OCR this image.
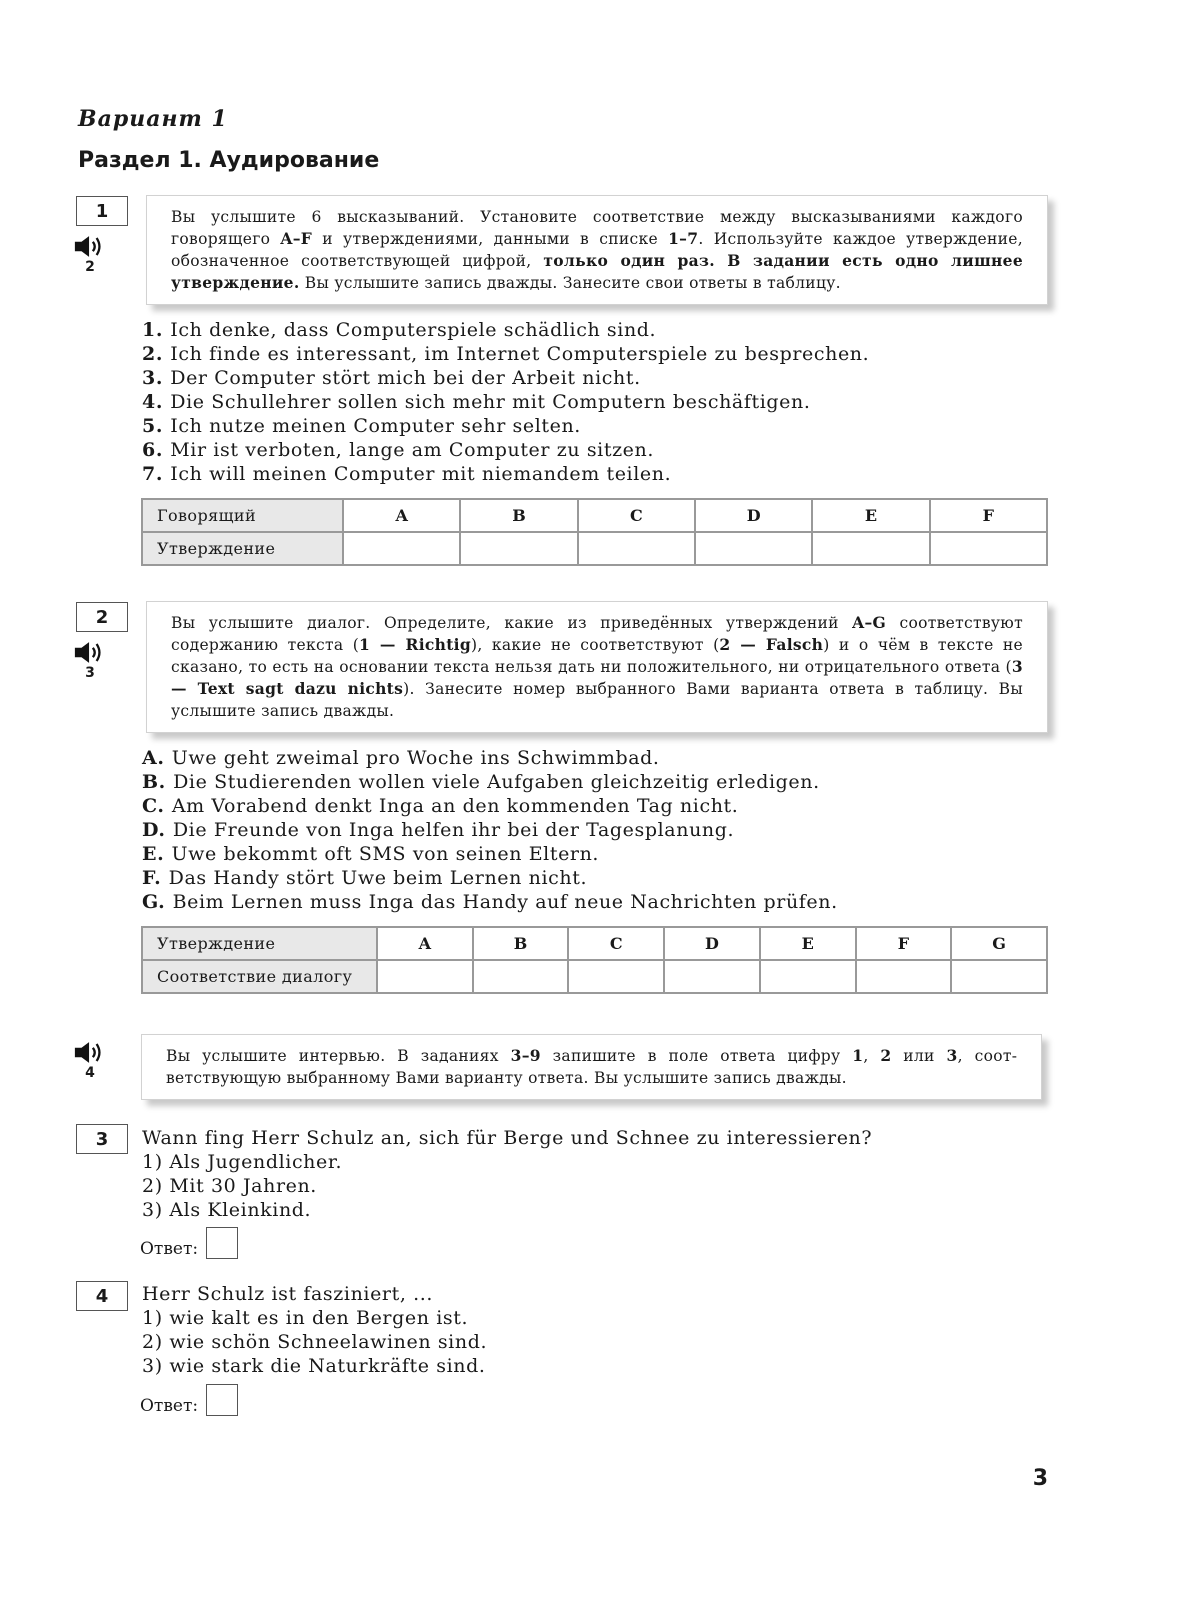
Вариант 1
Раздел 1. Аудирование
1
2
Вы услышите 6 высказываний. Установите соответствие между высказываниями каждого говорящего A–F и утверждениями, данными в списке 1–7. Используйте каждое утверждение, обозначенное соответствующей цифрой, только один раз. В задании есть одно лишнее утверждение. Вы услышите запись дважды. Занесите свои ответы в таблицу.
1. Ich denke, dass Computerspiele schädlich sind.
2. Ich finde es interessant, im Internet Computerspiele zu besprechen.
3. Der Computer stört mich bei der Arbeit nicht.
4. Die Schullehrer sollen sich mehr mit Computern beschäftigen.
5. Ich nutze meinen Computer sehr selten.
6. Mir ist verboten, lange am Computer zu sitzen.
7. Ich will meinen Computer mit niemandem teilen.
Говорящий	A	B	C	D	E	F
Утверждение						
2
3
Вы услышите диалог. Определите, какие из приведённых утверждений A–G соответствуют содержанию текста (1 — Richtig), какие не соответствуют (2 — Falsch) и о чём в тексте не сказано, то есть на основании текста нельзя дать ни положительного, ни отрицательного ответа (3 — Text sagt dazu nichts). Занесите номер выбранного Вами варианта ответа в таблицу. Вы услышите запись дважды.
A. Uwe geht zweimal pro Woche ins Schwimmbad.
B. Die Studierenden wollen viele Aufgaben gleichzeitig erledigen.
C. Am Vorabend denkt Inga an den kommenden Tag nicht.
D. Die Freunde von Inga helfen ihr bei der Tagesplanung.
E. Uwe bekommt oft SMS von seinen Eltern.
F. Das Handy stört Uwe beim Lernen nicht.
G. Beim Lernen muss Inga das Handy auf neue Nachrichten prüfen.
Утверждение	A	B	C	D	E	F	G
Соответствие диалогу							
4
Вы услышите интервью. В заданиях 3–9 запишите в поле ответа цифру 1, 2 или 3, соответствующую выбранному Вами варианту ответа. Вы услышите запись дважды.
3	Wann fing Herr Schulz an, sich für Berge und Schnee zu interessieren?
1) Als Jugendlicher.
2) Mit 30 Jahren.
3) Als Kleinkind.
Ответ:
4	Herr Schulz ist fasziniert, ...
1) wie kalt es in den Bergen ist.
2) wie schön Schneelawinen sind.
3) wie stark die Naturkräfte sind.
Ответ:
3
